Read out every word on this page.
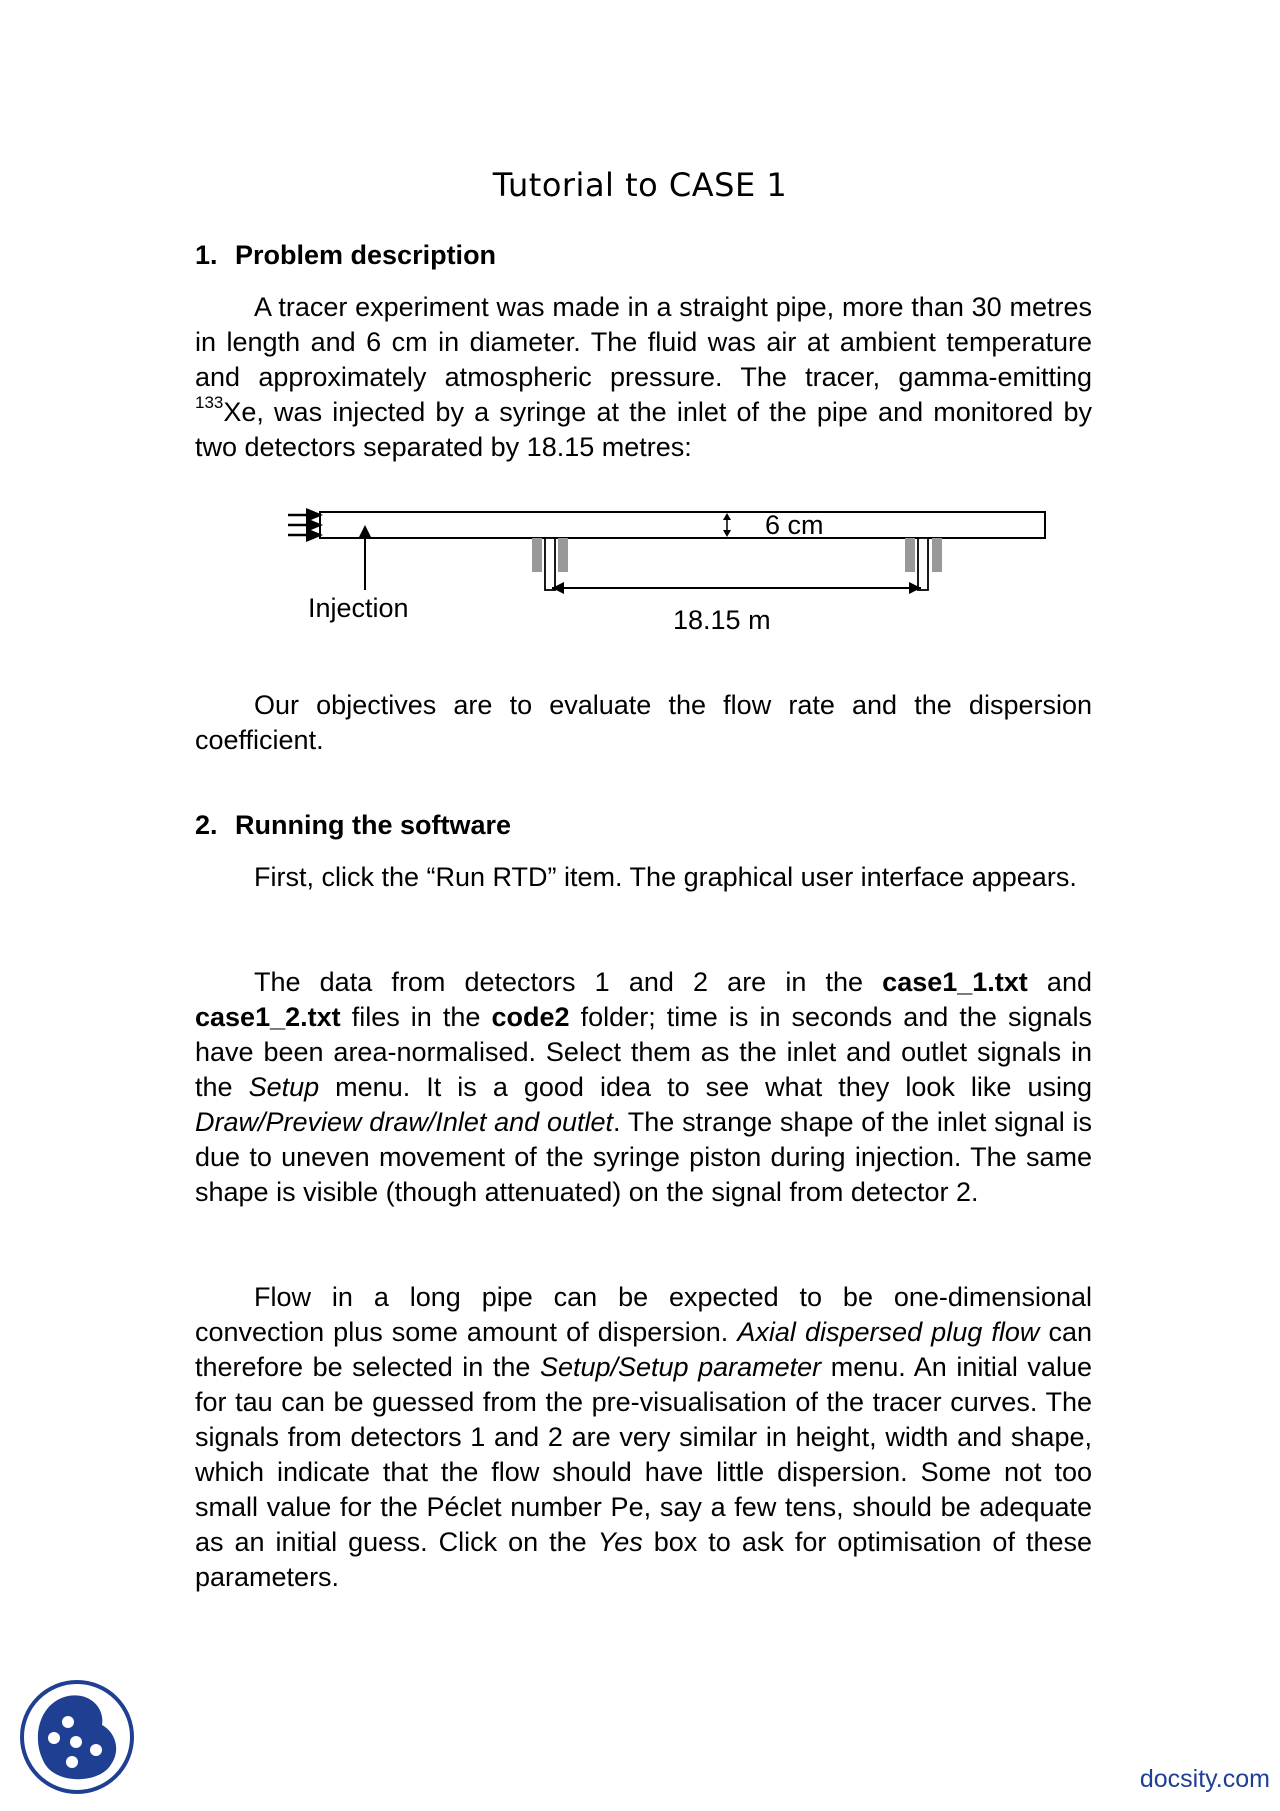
Tutorial to CASE 1
1. Problem description

A tracer experiment was made in a straight pipe, more than 30 metres in length and 6 cm in diameter. The fluid was air at ambient temperature and approximately atmospheric pressure. The tracer, gamma-emitting $^{133}$Xe, was injected by a syringe at the inlet of the pipe and monitored by two detectors separated by 18.15 metres:

Injection	18.15 m
6 cm

Our objectives are to evaluate the flow rate and the dispersion coefficient.

2. Running the software

First, click the “Run RTD” item. The graphical user interface appears.

The data from detectors 1 and 2 are in the case1_1.txt and case1_2.txt files in the code2 folder; time is in seconds and the signals have been area-normalised. Select them as the inlet and outlet signals in the Setup menu. It is a good idea to see what they look like using Draw/Preview draw/Inlet and outlet. The strange shape of the inlet signal is due to uneven movement of the syringe piston during injection. The same shape is visible (though attenuated) on the signal from detector 2.

Flow in a long pipe can be expected to be one-dimensional convection plus some amount of dispersion. Axial dispersed plug flow can therefore be selected in the Setup/Setup parameter menu. An initial value for tau can be guessed from the pre-visualisation of the tracer curves. The signals from detectors 1 and 2 are very similar in height, width and shape, which indicate that the flow should have little dispersion. Some not too small value for the Péclet number Pe, say a few tens, should be adequate as an initial guess. Click on the Yes box to ask for optimisation of these parameters.

docsity.com
